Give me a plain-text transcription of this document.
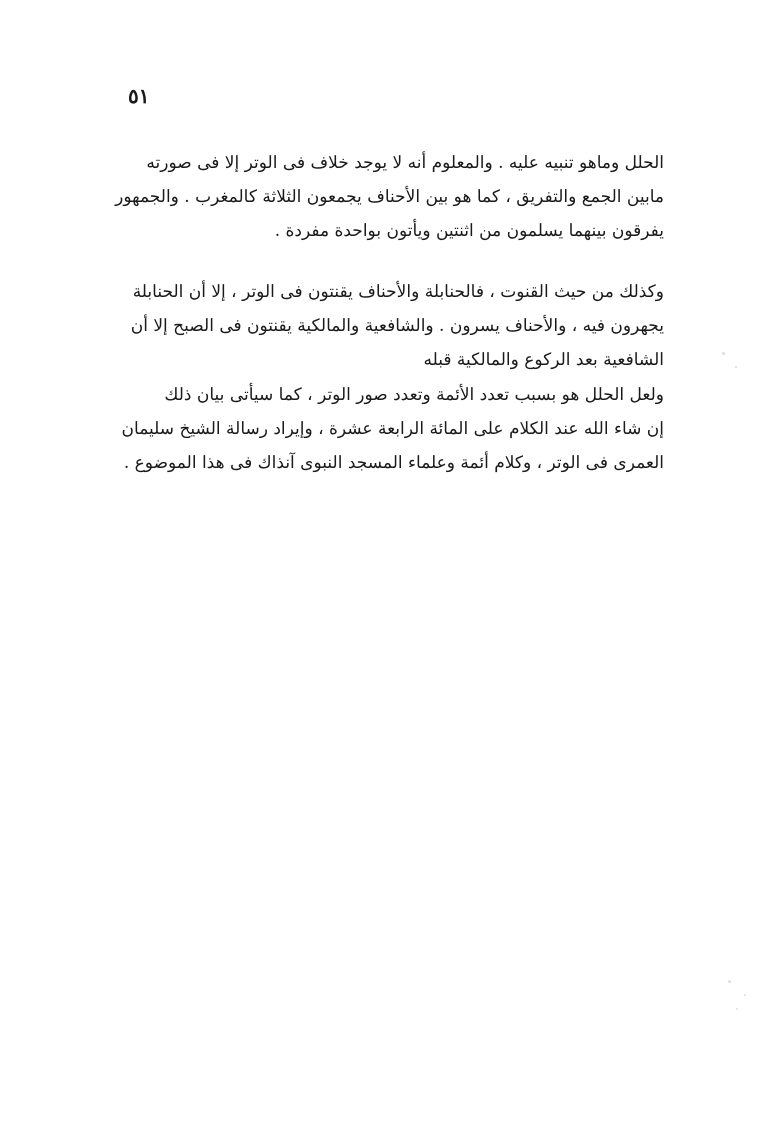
٥١
الحلل وماهو تنبيه عليه . والمعلوم أنه لا يوجد خلاف فى الوتر إلا فى صورته
مابين الجمع والتفريق ، كما هو بين الأحناف يجمعون الثلاثة كالمغرب . والجمهور
يفرقون بينهما يسلمون من اثنتين ويأتون بواحدة مفردة .
وكذلك من حيث القنوت ، فالحنابلة والأحناف يقنتون فى الوتر ، إلا أن الحنابلة
يجهرون فيه ، والأحناف يسرون . والشافعية والمالكية يقنتون فى الصبح إلا أن
الشافعية بعد الركوع والمالكية قبله
ولعل الحلل هو بسبب تعدد الأئمة وتعدد صور الوتر ، كما سيأتى بيان ذلك
إن شاء الله عند الكلام على المائة الرابعة عشرة ، وإيراد رسالة الشيخ سليمان
العمرى فى الوتر ، وكلام أئمة وعلماء المسجد النبوى آنذاك فى هذا الموضوع .
